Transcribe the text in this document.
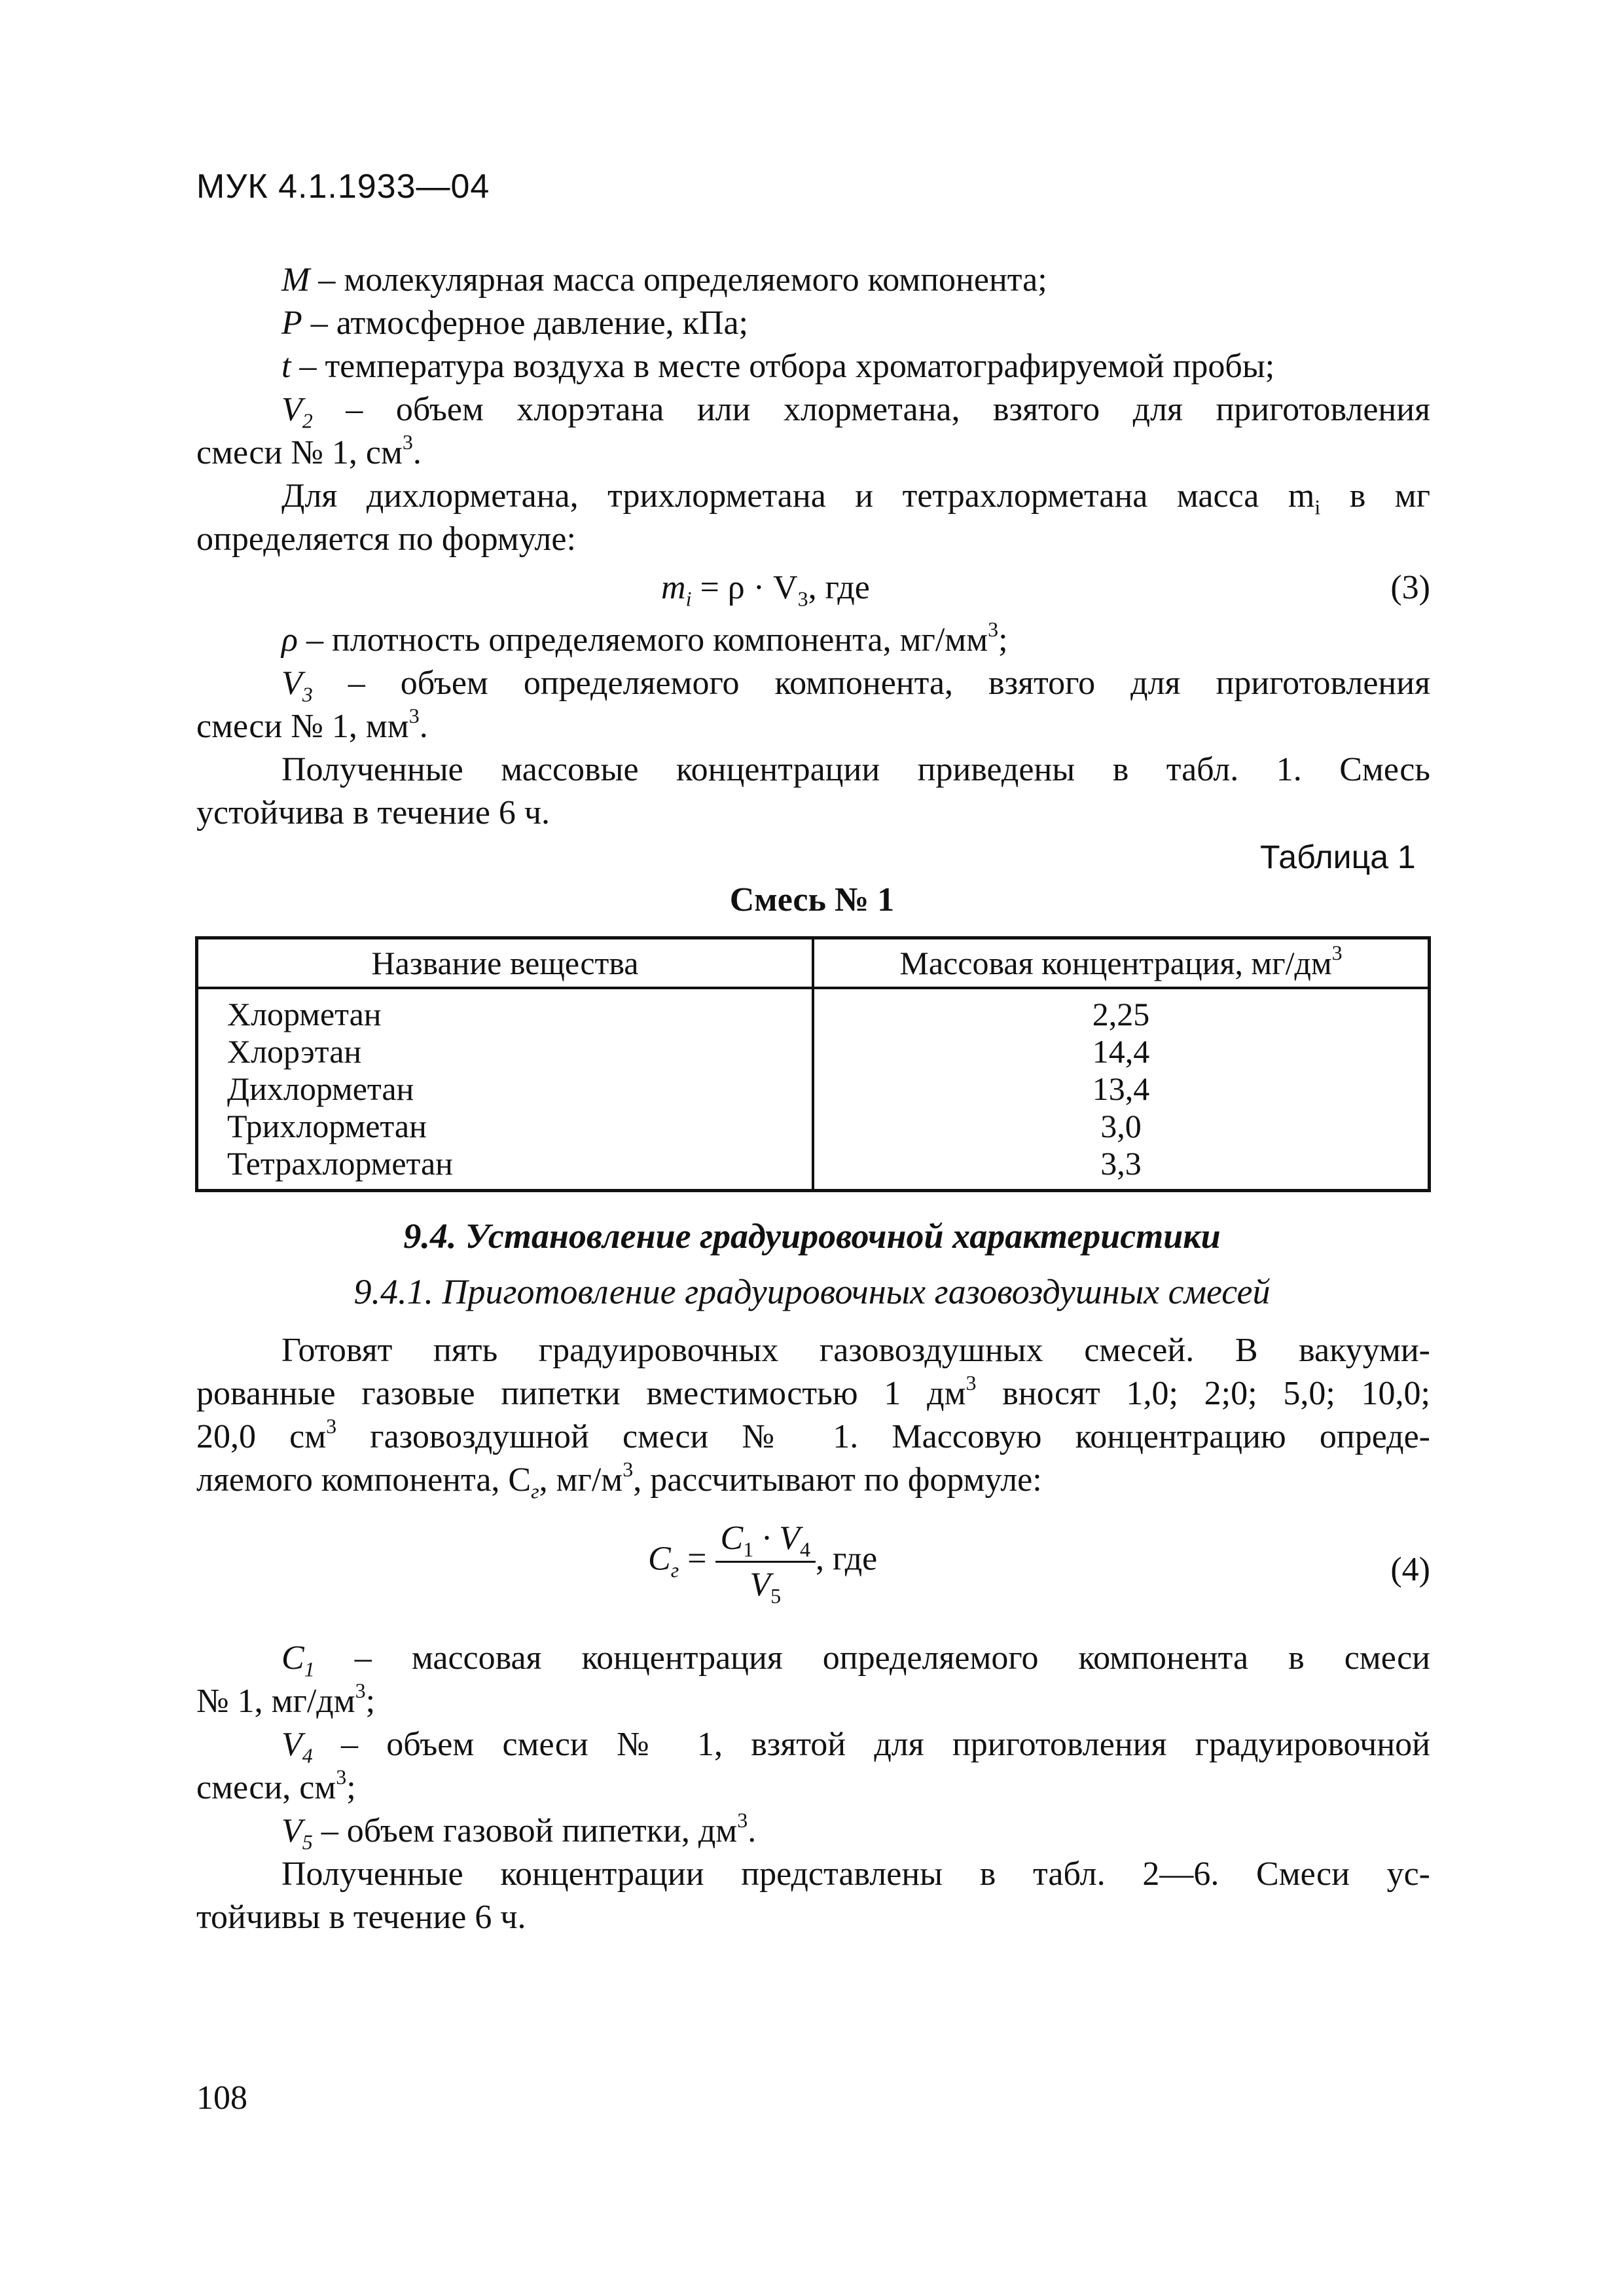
МУК 4.1.1933—04
M – молекулярная масса определяемого компонента;
P – атмосферное давление, кПа;
t – температура воздуха в месте отбора хроматографируемой пробы;
$V_2$ – объем хлорэтана или хлорметана, взятого для приготовления
смеси № 1, $см^3$.
Для дихлорметана, трихлорметана и тетрахлорметана масса $m_i$ в мг
определяется по формуле:
$m_i = \rho \cdot V_3$, где	(3)
ρ – плотность определяемого компонента, $мг/мм^3$;
$V_3$ – объем определяемого компонента, взятого для приготовления
смеси № 1, $мм^3$.
Полученные массовые концентрации приведены в табл. 1. Смесь
устойчива в течение 6 ч.
Таблица 1
Смесь № 1
Название вещества	Массовая концентрация, $мг/дм^3$
Хлорметан	2,25
Хлорэтан	14,4
Дихлорметан	13,4
Трихлорметан	3,0
Тетрахлорметан	3,3
9.4. Установление градуировочной характеристики
9.4.1. Приготовление градуировочных газовоздушных смесей
Готовят пять градуировочных газовоздушных смесей. В вакууми-
рованные газовые пипетки вместимостью 1 $дм^3$ вносят 1,0; 2;0; 5,0; 10,0;
20,0 $см^3$ газовоздушной смеси № 1. Массовую концентрацию опреде-
ляемого компонента, $C_г$, $мг/м^3$, рассчитывают по формуле:
$C_г = \frac{C_1 \cdot V_4}{V_5}$ , где	(4)
$C_1$ – массовая концентрация определяемого компонента в смеси
№ 1, $мг/дм^3$;
$V_4$ – объем смеси № 1, взятой для приготовления градуировочной
смеси, $см^3$;
$V_5$ – объем газовой пипетки, $дм^3$.
Полученные концентрации представлены в табл. 2—6. Смеси ус-
тойчивы в течение 6 ч.
108
